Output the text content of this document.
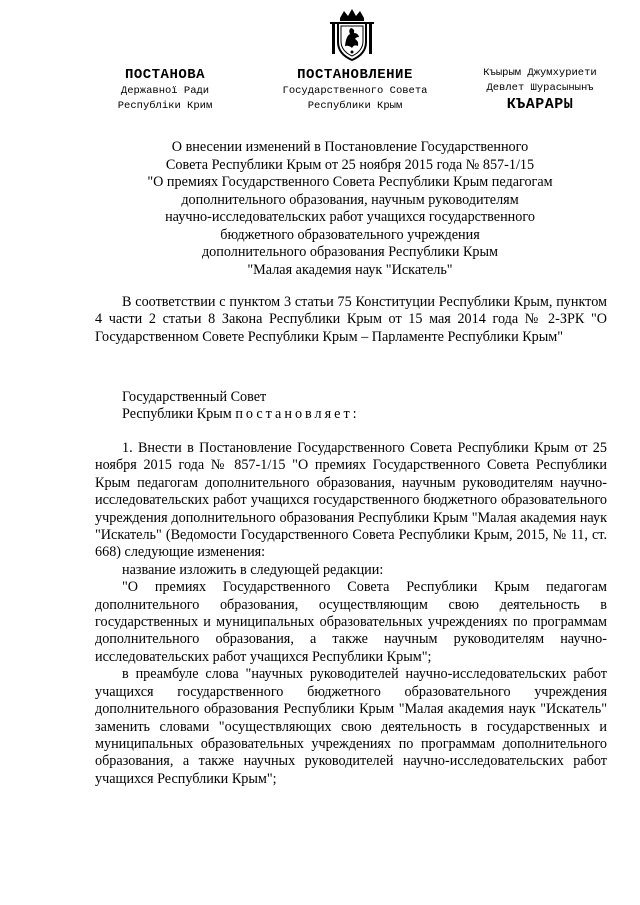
ПОСТАНОВА
Державної Ради
Республіки Крим
ПОСТАНОВЛЕНИЕ
Государственного Совета
Республики Крым
Къырым Джумхуриети
Девлет Шурасынынъ
КЪАРАРЫ
О внесении изменений в Постановление Государственного
Совета Республики Крым от 25 ноября 2015 года № 857-1/15
"О премиях Государственного Совета Республики Крым педагогам
дополнительного образования, научным руководителям
научно-исследовательских работ учащихся государственного
бюджетного образовательного учреждения
дополнительного образования Республики Крым
"Малая академия наук "Искатель"
В соответствии с пунктом 3 статьи 75 Конституции Республики Крым, пунктом 4 части 2 статьи 8 Закона Республики Крым от 15 мая 2014 года № 2-ЗРК "О Государственном Совете Республики Крым – Парламенте Республики Крым"
Государственный Совет
Республики Крым постановляет:
1. Внести в Постановление Государственного Совета Республики Крым от 25 ноября 2015 года № 857-1/15 "О премиях Государственного Совета Республики Крым педагогам дополнительного образования, научным руководителям научно-исследовательских работ учащихся государственного бюджетного образовательного учреждения дополнительного образования Республики Крым "Малая академия наук "Искатель" (Ведомости Государственного Совета Республики Крым, 2015, № 11, ст. 668) следующие изменения:
название изложить в следующей редакции:
"О премиях Государственного Совета Республики Крым педагогам дополнительного образования, осуществляющим свою деятельность в государственных и муниципальных образовательных учреждениях по программам дополнительного образования, а также научным руководителям научно-исследовательских работ учащихся Республики Крым";
в преамбуле слова "научных руководителей научно-исследовательских работ учащихся государственного бюджетного образовательного учреждения дополнительного образования Республики Крым "Малая академия наук "Искатель" заменить словами "осуществляющих свою деятельность в государственных и муниципальных образовательных учреждениях по программам дополнительного образования, а также научных руководителей научно-исследовательских работ учащихся Республики Крым";
